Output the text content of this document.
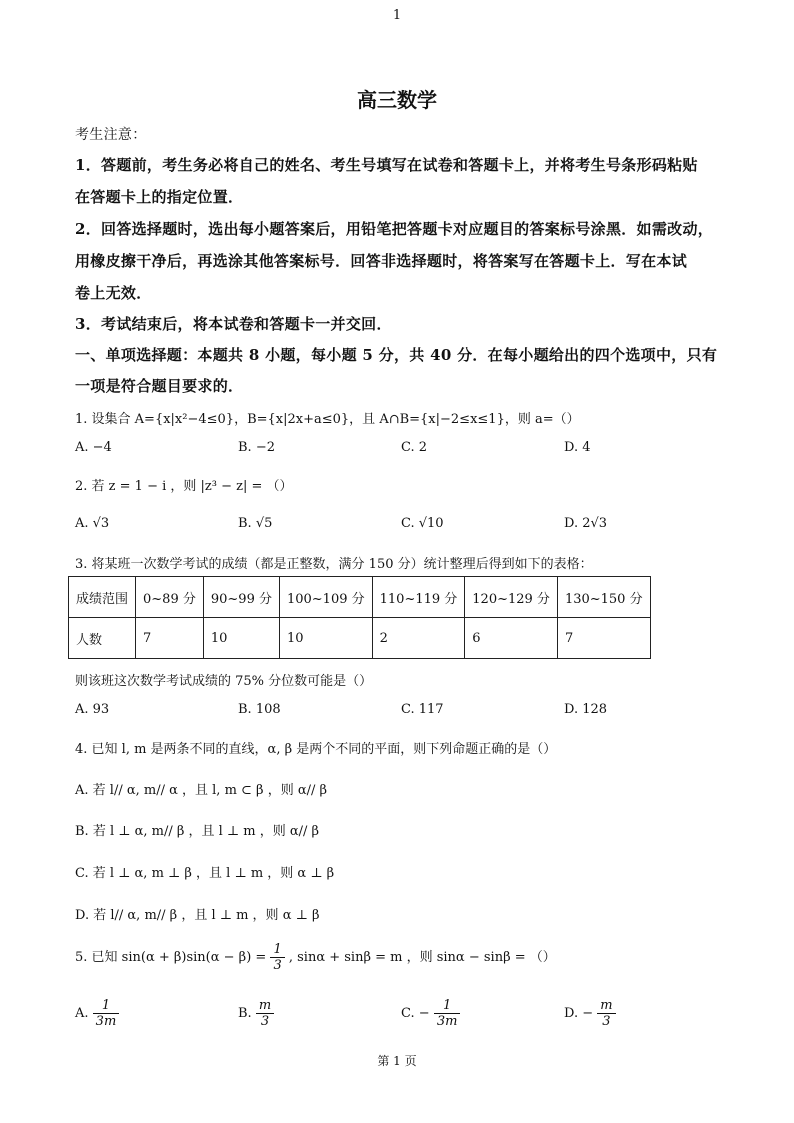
1
高三数学
考生注意：
1．答题前，考生务必将自己的姓名、考生号填写在试卷和答题卡上，并将考生号条形码粘贴
在答题卡上的指定位置．
2．回答选择题时，选出每小题答案后，用铅笔把答题卡对应题目的答案标号涂黑．如需改动，
用橡皮擦干净后，再选涂其他答案标号．回答非选择题时，将答案写在答题卡上．写在本试
卷上无效．
3．考试结束后，将本试卷和答题卡一并交回．
一、单项选择题：本题共 8 小题，每小题 5 分，共 40 分．在每小题给出的四个选项中，只有
一项是符合题目要求的．
1. 设集合 A={x|x²−4≤0}，B={x|2x+a≤0}，且 A∩B={x|−2≤x≤1}，则 a=（）
A. −4	B. −2	C. 2	D. 4
2. 若 z = 1 − i ，则 |z³ − z| = （）
A. √3	B. √5	C. √10	D. 2√3
3. 将某班一次数学考试的成绩（都是正整数，满分 150 分）统计整理后得到如下的表格：
成绩范围	0~89 分	90~99 分	100~109 分	110~119 分	120~129 分	130~150 分
人数	7	10	10	2	6	7
则该班这次数学考试成绩的 75% 分位数可能是（）
A. 93	B. 108	C. 117	D. 128
4. 已知 l, m 是两条不同的直线，α, β 是两个不同的平面，则下列命题正确的是（）
A. 若 l// α, m// α ，且 l, m ⊂ β ，则 α// β
B. 若 l ⊥ α, m// β ，且 l ⊥ m ，则 α// β
C. 若 l ⊥ α, m ⊥ β ，且 l ⊥ m ，则 α ⊥ β
D. 若 l// α, m// β ，且 l ⊥ m ，则 α ⊥ β
5. 已知 $\sin(\alpha + \beta)\sin(\alpha - \beta) = \frac{1}{3}$ , sinα + sinβ = m ，则 sinα − sinβ = （）
A. $\frac{1}{3m}$	B. $\frac{m}{3}$	C. − $\frac{1}{3m}$	D. − $\frac{m}{3}$
第 1 页
